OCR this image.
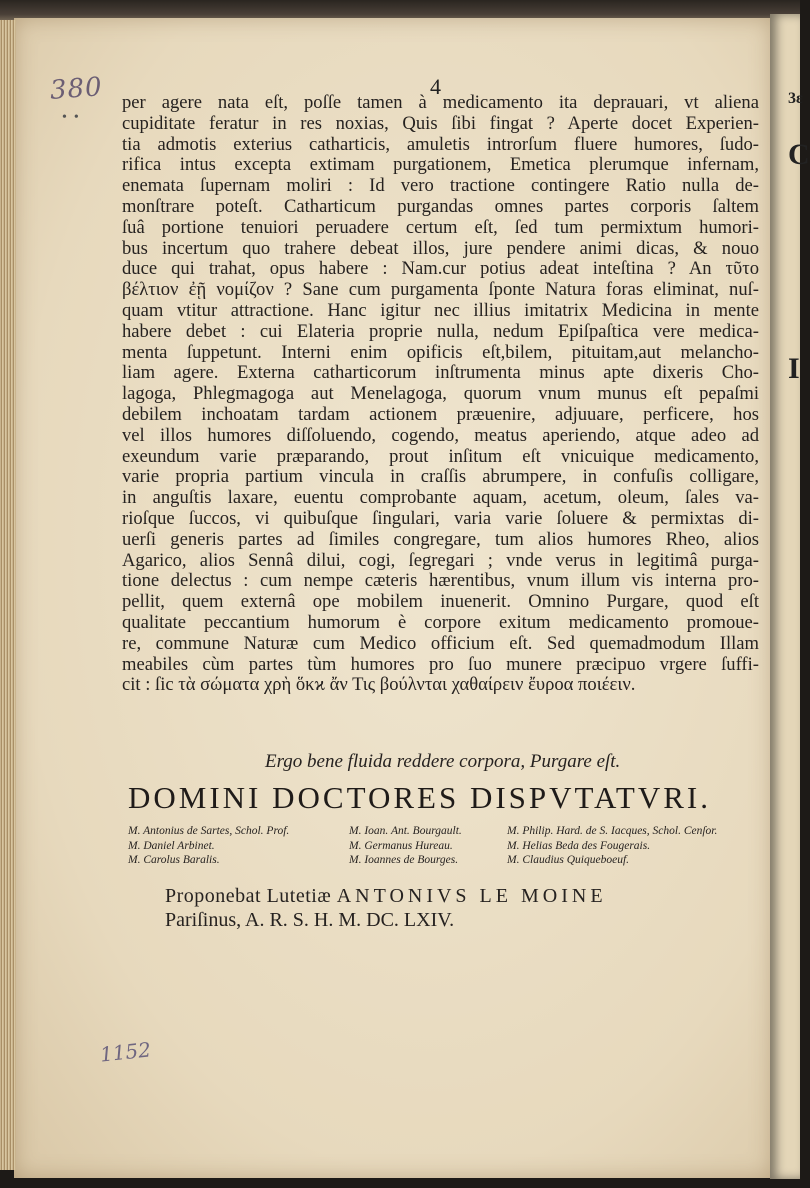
3ε
C
I
380
•  •
4
per agere nata eſt, poſſe tamen à medicamento ita deprauari, vt aliena
cupiditate feratur in res noxias, Quis ſibi fingat ? Aperte docet Experien-
tia admotis exterius catharticis, amuletis introrſum fluere humores, ſudo-
rifica intus excepta extimam purgationem, Emetica plerumque infernam,
enemata ſupernam moliri : Id vero tractione contingere Ratio nulla de-
monſtrare poteſt. Catharticum purgandas omnes partes corporis ſaltem
ſuâ portione tenuiori peruadere certum eſt, ſed tum permixtum humori-
bus incertum quo trahere debeat illos, jure pendere animi dicas, & nouo
duce qui trahat, opus habere : Nam.cur potius adeat inteſtina ? An τῦτο
βέλτιον ἐῇ νομίζον ? Sane cum purgamenta ſponte Natura foras eliminat, nuſ-
quam vtitur attractione. Hanc igitur nec illius imitatrix Medicina in mente
habere debet : cui Elateria proprie nulla, nedum Epiſpaſtica vere medica-
menta ſuppetunt. Interni enim opificis eſt,bilem, pituitam,aut melancho-
liam agere. Externa catharticorum inſtrumenta minus apte dixeris Cho-
lagoga, Phlegmagoga aut Menelagoga, quorum vnum munus eſt pepaſmi
debilem inchoatam tardam actionem præuenire, adjuuare, perficere, hos
vel illos humores diſſoluendo, cogendo, meatus aperiendo, atque adeo ad
exeundum varie præparando, prout inſitum eſt vnicuique medicamento,
varie propria partium vincula in craſſis abrumpere, in confuſis colligare,
in anguſtis laxare, euentu comprobante aquam, acetum, oleum, ſales va-
rioſque ſuccos, vi quibuſque ſingulari, varia varie ſoluere & permixtas di-
uerſi generis partes ad ſimiles congregare, tum alios humores Rheo, alios
Agarico, alios Sennâ dilui, cogi, ſegregari ; vnde verus in legitimâ purga-
tione delectus : cum nempe cæteris hærentibus, vnum illum vis interna pro-
pellit, quem externâ ope mobilem inuenerit. Omnino Purgare, quod eſt
qualitate peccantium humorum è corpore exitum medicamento promoue-
re, commune Naturæ cum Medico officium eſt. Sed quemadmodum Illam
meabiles cùm partes tùm humores pro ſuo munere præcipuo vrgere ſuffi-
cit : ſic τὰ σώματα χρὴ ὅκϰ ἄν Τις βούλνται χαθαίρειν ἔυροα ποιέειν.
Ergo bene fluida reddere corpora, Purgare eſt.
DOMINI DOCTORES DISPVTATVRI.
M. Antonius de Sartes, Schol. Prof.	M. Ioan. Ant. Bourgault.	M. Philip. Hard. de S. Iacques, Schol. Cenſor.
M. Daniel Arbinet.	M. Germanus Hureau.	M. Helias Beda des Fougerais.
M. Carolus Baralis.	M. Ioannes de Bourges.	M. Claudius Quiqueboeuf.
Proponebat Lutetiæ ANTONIVS LE MOINE
Pariſinus, A. R. S. H. M. DC. LXIV.
1152
